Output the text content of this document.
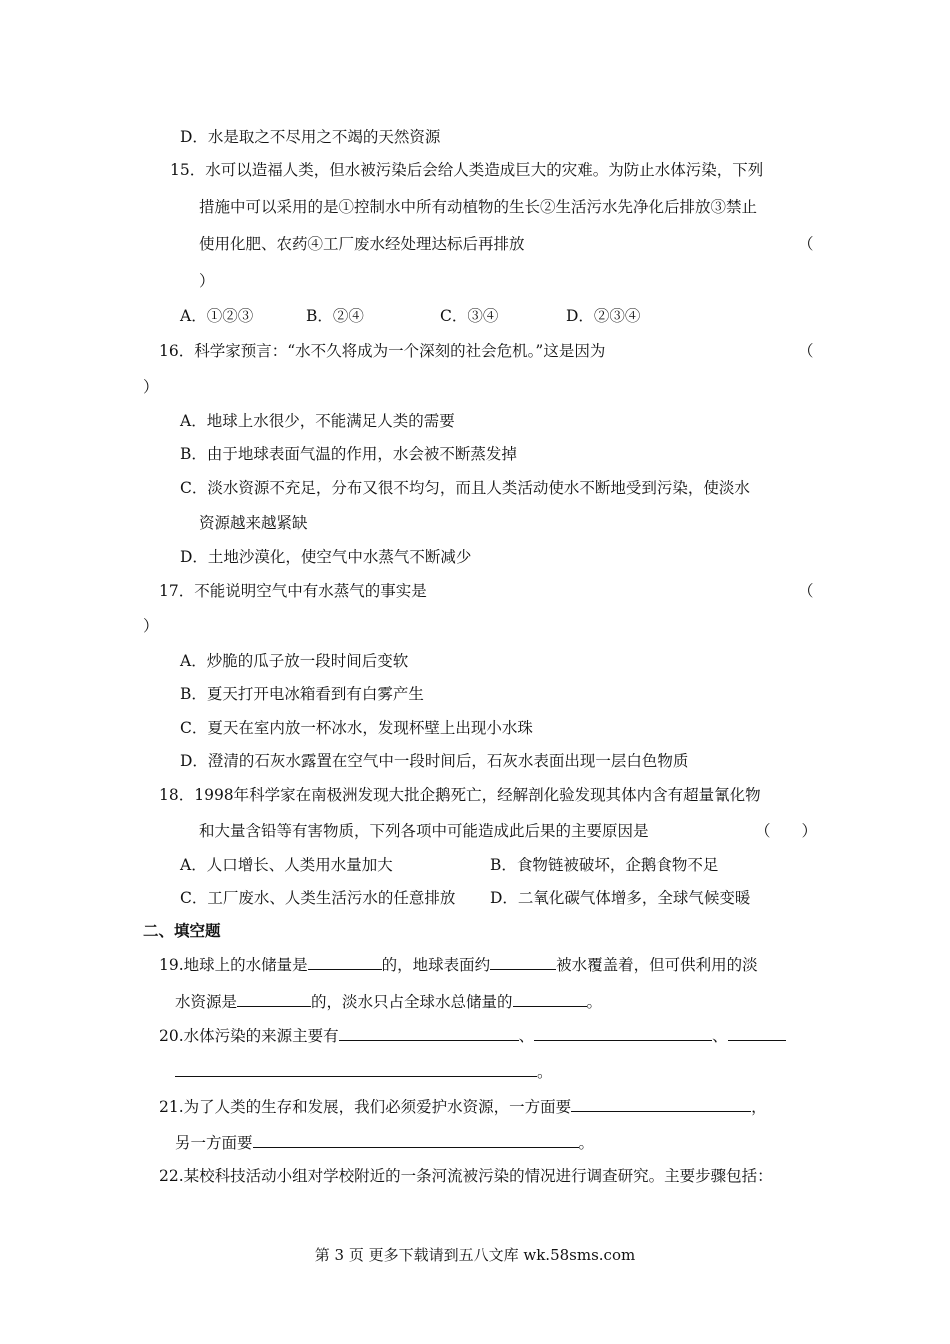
D．水是取之不尽用之不竭的天然资源
15．水可以造福人类，但水被污染后会给人类造成巨大的灾难。为防止水体污染，下列
措施中可以采用的是①控制水中所有动植物的生长②生活污水先净化后排放③禁止
使用化肥、农药④工厂废水经处理达标后再排放	（
）
A．①②③	B．②④	C．③④	D．②③④
16．科学家预言：“水不久将成为一个深刻的社会危机。”这是因为	（
）
A．地球上水很少，不能满足人类的需要
B．由于地球表面气温的作用，水会被不断蒸发掉
C．淡水资源不充足，分布又很不均匀，而且人类活动使水不断地受到污染，使淡水
资源越来越紧缺
D．土地沙漠化，使空气中水蒸气不断减少
17．不能说明空气中有水蒸气的事实是	（
）
A．炒脆的瓜子放一段时间后变软
B．夏天打开电冰箱看到有白雾产生
C．夏天在室内放一杯冰水，发现杯壁上出现小水珠
D．澄清的石灰水露置在空气中一段时间后，石灰水表面出现一层白色物质
18．1998年科学家在南极洲发现大批企鹅死亡，经解剖化验发现其体内含有超量氰化物
和大量含铅等有害物质，下列各项中可能造成此后果的主要原因是	（　　）
A．人口增长、人类用水量加大	B．食物链被破坏，企鹅食物不足
C．工厂废水、人类生活污水的任意排放 D．二氧化碳气体增多，全球气候变暖
二、填空题
19.地球上的水储量是	的，地球表面约	被水覆盖着，但可供利用的淡
水资源是	的，淡水只占全球水总储量的	。
20.水体污染的来源主要有	、	、
。
21.为了人类的生存和发展，我们必须爱护水资源，一方面要	，
另一方面要	。
22.某校科技活动小组对学校附近的一条河流被污染的情况进行调查研究。主要步骤包括：
第 3 页 更多下载请到五八文库 wk.58sms.com
